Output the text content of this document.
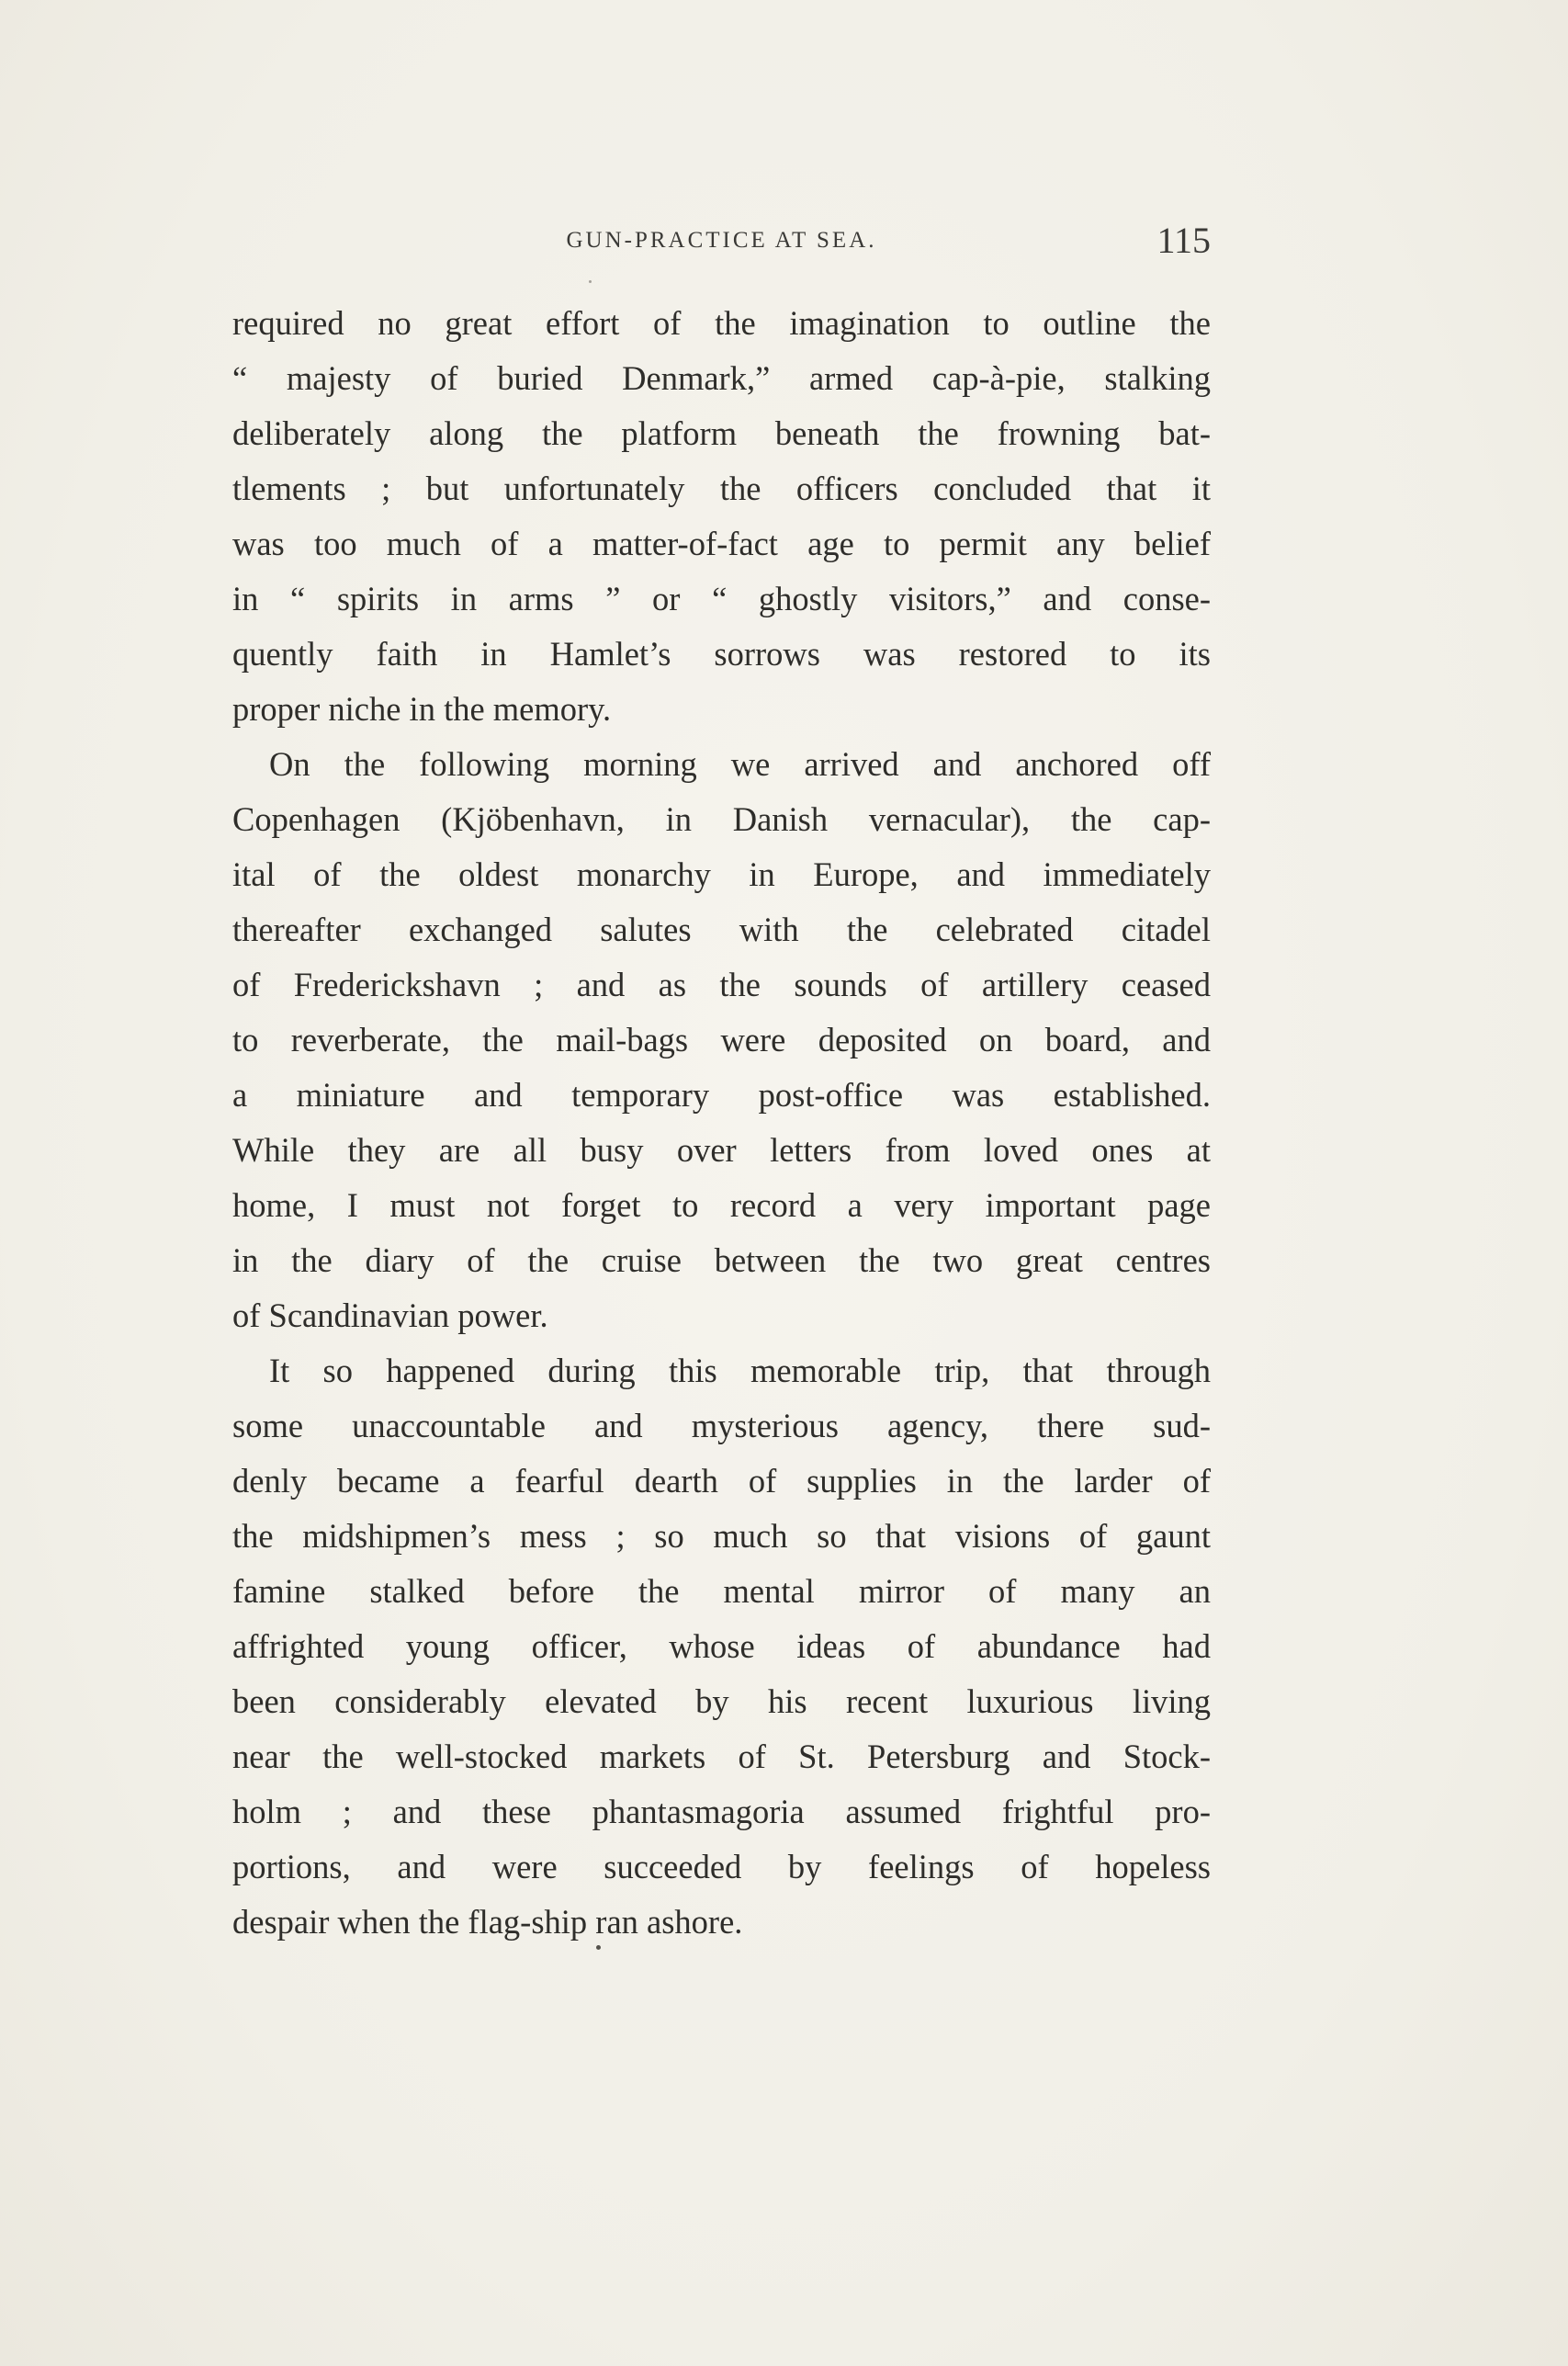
GUN-PRACTICE AT SEA.	115

required no great effort of the imagination to outline the
“ majesty of buried Denmark,” armed cap-à-pie, stalking
deliberately along the platform beneath the frowning bat-
tlements ; but unfortunately the officers concluded that it
was too much of a matter-of-fact age to permit any belief
in “ spirits in arms ” or “ ghostly visitors,” and conse-
quently faith in Hamlet’s sorrows was restored to its
proper niche in the memory.

On the following morning we arrived and anchored off
Copenhagen (Kjöbenhavn, in Danish vernacular), the cap-
ital of the oldest monarchy in Europe, and immediately
thereafter exchanged salutes with the celebrated citadel
of Frederickshavn ; and as the sounds of artillery ceased
to reverberate, the mail-bags were deposited on board, and
a miniature and temporary post-office was established.
While they are all busy over letters from loved ones at
home, I must not forget to record a very important page
in the diary of the cruise between the two great centres
of Scandinavian power.

It so happened during this memorable trip, that through
some unaccountable and mysterious agency, there sud-
denly became a fearful dearth of supplies in the larder of
the midshipmen’s mess ; so much so that visions of gaunt
famine stalked before the mental mirror of many an
affrighted young officer, whose ideas of abundance had
been considerably elevated by his recent luxurious living
near the well-stocked markets of St. Petersburg and Stock-
holm ; and these phantasmagoria assumed frightful pro-
portions, and were succeeded by feelings of hopeless
despair when the flag-ship ran ashore.
